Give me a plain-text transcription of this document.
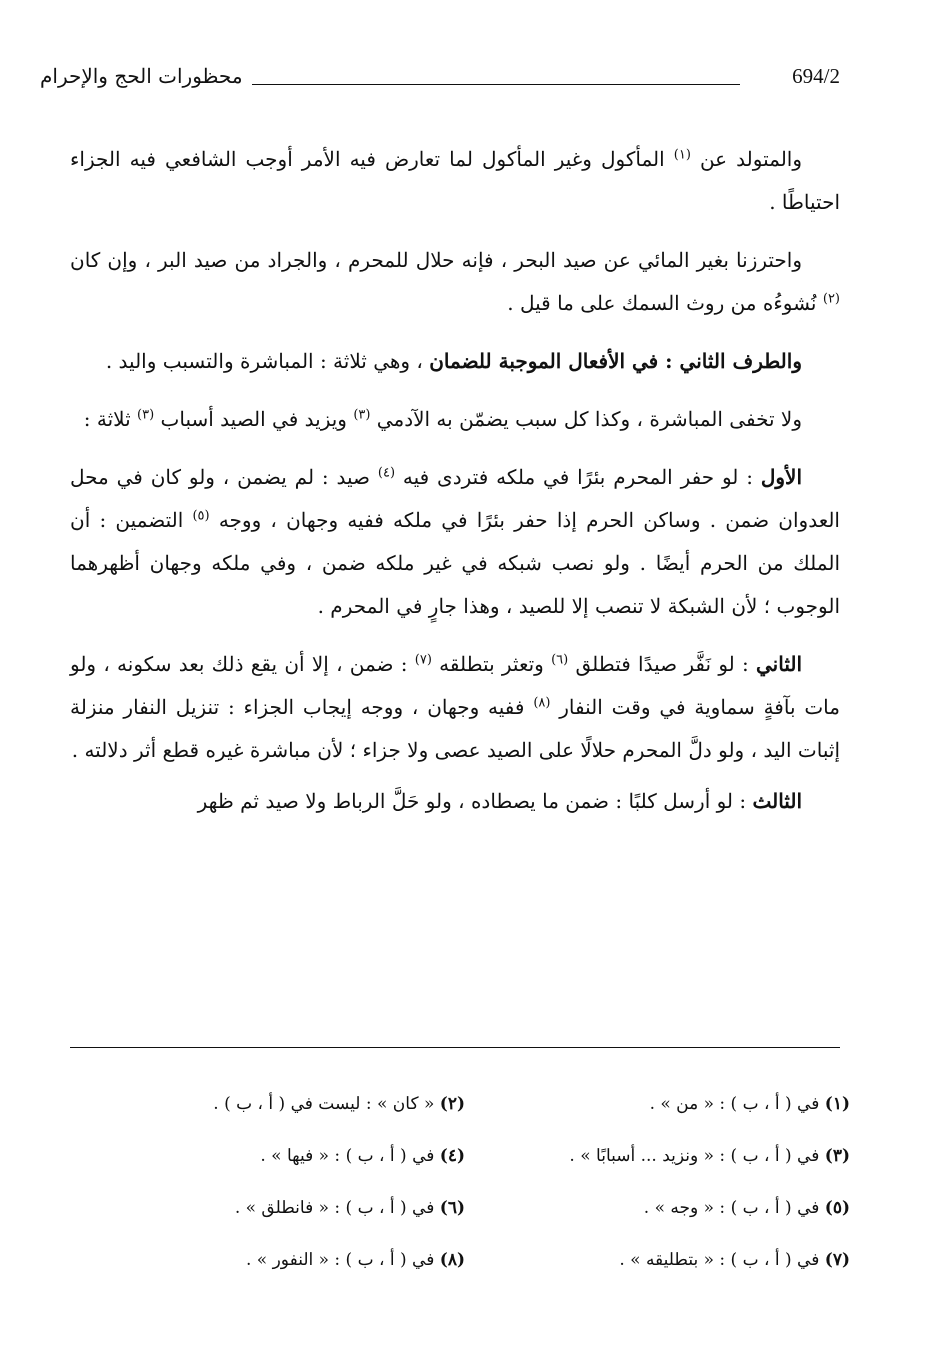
محظورات الحج والإحرام	694/2

والمتولد عن $^{(١)}$ المأكول وغير المأكول لما تعارض فيه الأمر أوجب الشافعي فيه الجزاء احتياطًا .

واحترزنا بغير المائي عن صيد البحر ، فإنه حلال للمحرم ، والجراد من صيد البر ، وإن كان $^{(٢)}$ نُشوءُه من روث السمك على ما قيل .

والطرف الثاني : في الأفعال الموجبة للضمان ، وهي ثلاثة : المباشرة والتسبب واليد .

ولا تخفى المباشرة ، وكذا كل سبب يضمّن به الآدمي $^{(٣)}$ ويزيد في الصيد أسباب $^{(٣)}$ ثلاثة :

الأول : لو حفر المحرم بئرًا في ملكه فتردى فيه $^{(٤)}$ صيد : لم يضمن ، ولو كان في محل العدوان ضمن . وساكن الحرم إذا حفر بئرًا في ملكه ففيه وجهان ، ووجه $^{(٥)}$ التضمين : أن الملك من الحرم أيضًا . ولو نصب شبكه في غير ملكه ضمن ، وفي ملكه وجهان أظهرهما الوجوب ؛ لأن الشبكة لا تنصب إلا للصيد ، وهذا جارٍ في المحرم .

الثاني : لو نَفَّر صيدًا فتطلق $^{(٦)}$ وتعثر بتطلقه $^{(٧)}$ : ضمن ، إلا أن يقع ذلك بعد سكونه ، ولو مات بآفةٍ سماوية في وقت النفار $^{(٨)}$ ففيه وجهان ، ووجه إيجاب الجزاء : تنزيل النفار منزلة إثبات اليد ، ولو دلَّ المحرم حلالًا على الصيد عصى ولا جزاء ؛ لأن مباشرة غيره قطع أثر دلالته .

الثالث : لو أرسل كلبًا : ضمن ما يصطاده ، ولو حَلَّ الرباط ولا صيد ثم ظهر

(١) في ( أ ، ب ) : « من » .
(٢) « كان » : ليست في ( أ ، ب ) .
(٣) في ( أ ، ب ) : « ونزيد ... أسبابًا » .
(٤) في ( أ ، ب ) : « فيها » .
(٥) في ( أ ، ب ) : « وجه » .
(٦) في ( أ ، ب ) : « فانطلق » .
(٧) في ( أ ، ب ) : « بتطليقه » .
(٨) في ( أ ، ب ) : « النفور » .
